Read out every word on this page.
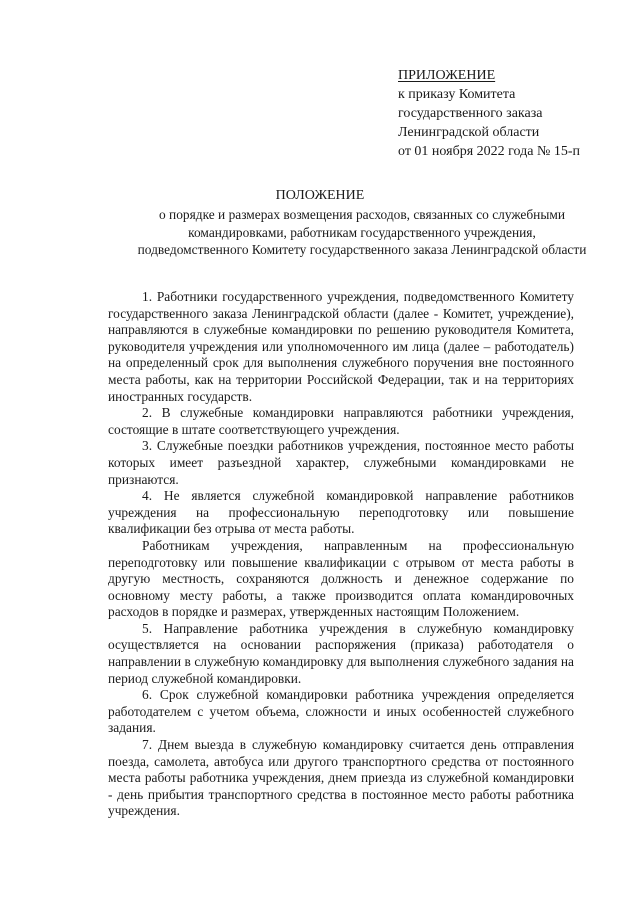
ПРИЛОЖЕНИЕ
к приказу Комитета
государственного заказа
Ленинградской области
от 01 ноября 2022 года № 15-п
ПОЛОЖЕНИЕ
о порядке и размерах возмещения расходов, связанных со служебными командировками, работникам государственного учреждения, подведомственного Комитету государственного заказа Ленинградской области

1. Работники государственного учреждения, подведомственного Комитету государственного заказа Ленинградской области (далее - Комитет, учреждение), направляются в служебные командировки по решению руководителя Комитета, руководителя учреждения или уполномоченного им лица (далее – работодатель) на определенный срок для выполнения служебного поручения вне постоянного места работы, как на территории Российской Федерации, так и на территориях иностранных государств.

2. В служебные командировки направляются работники учреждения, состоящие в штате соответствующего учреждения.

3. Служебные поездки работников учреждения, постоянное место работы которых имеет разъездной характер, служебными командировками не признаются.

4. Не является служебной командировкой направление работников учреждения на профессиональную переподготовку или повышение квалификации без отрыва от места работы.

Работникам учреждения, направленным на профессиональную переподготовку или повышение квалификации с отрывом от места работы в другую местность, сохраняются должность и денежное содержание по основному месту работы, а также производится оплата командировочных расходов в порядке и размерах, утвержденных настоящим Положением.

5. Направление работника учреждения в служебную командировку осуществляется на основании распоряжения (приказа) работодателя о направлении в служебную командировку для выполнения служебного задания на период служебной командировки.

6. Срок служебной командировки работника учреждения определяется работодателем с учетом объема, сложности и иных особенностей служебного задания.

7. Днем выезда в служебную командировку считается день отправления поезда, самолета, автобуса или другого транспортного средства от постоянного места работы работника учреждения, днем приезда из служебной командировки - день прибытия транспортного средства в постоянное место работы работника учреждения.
